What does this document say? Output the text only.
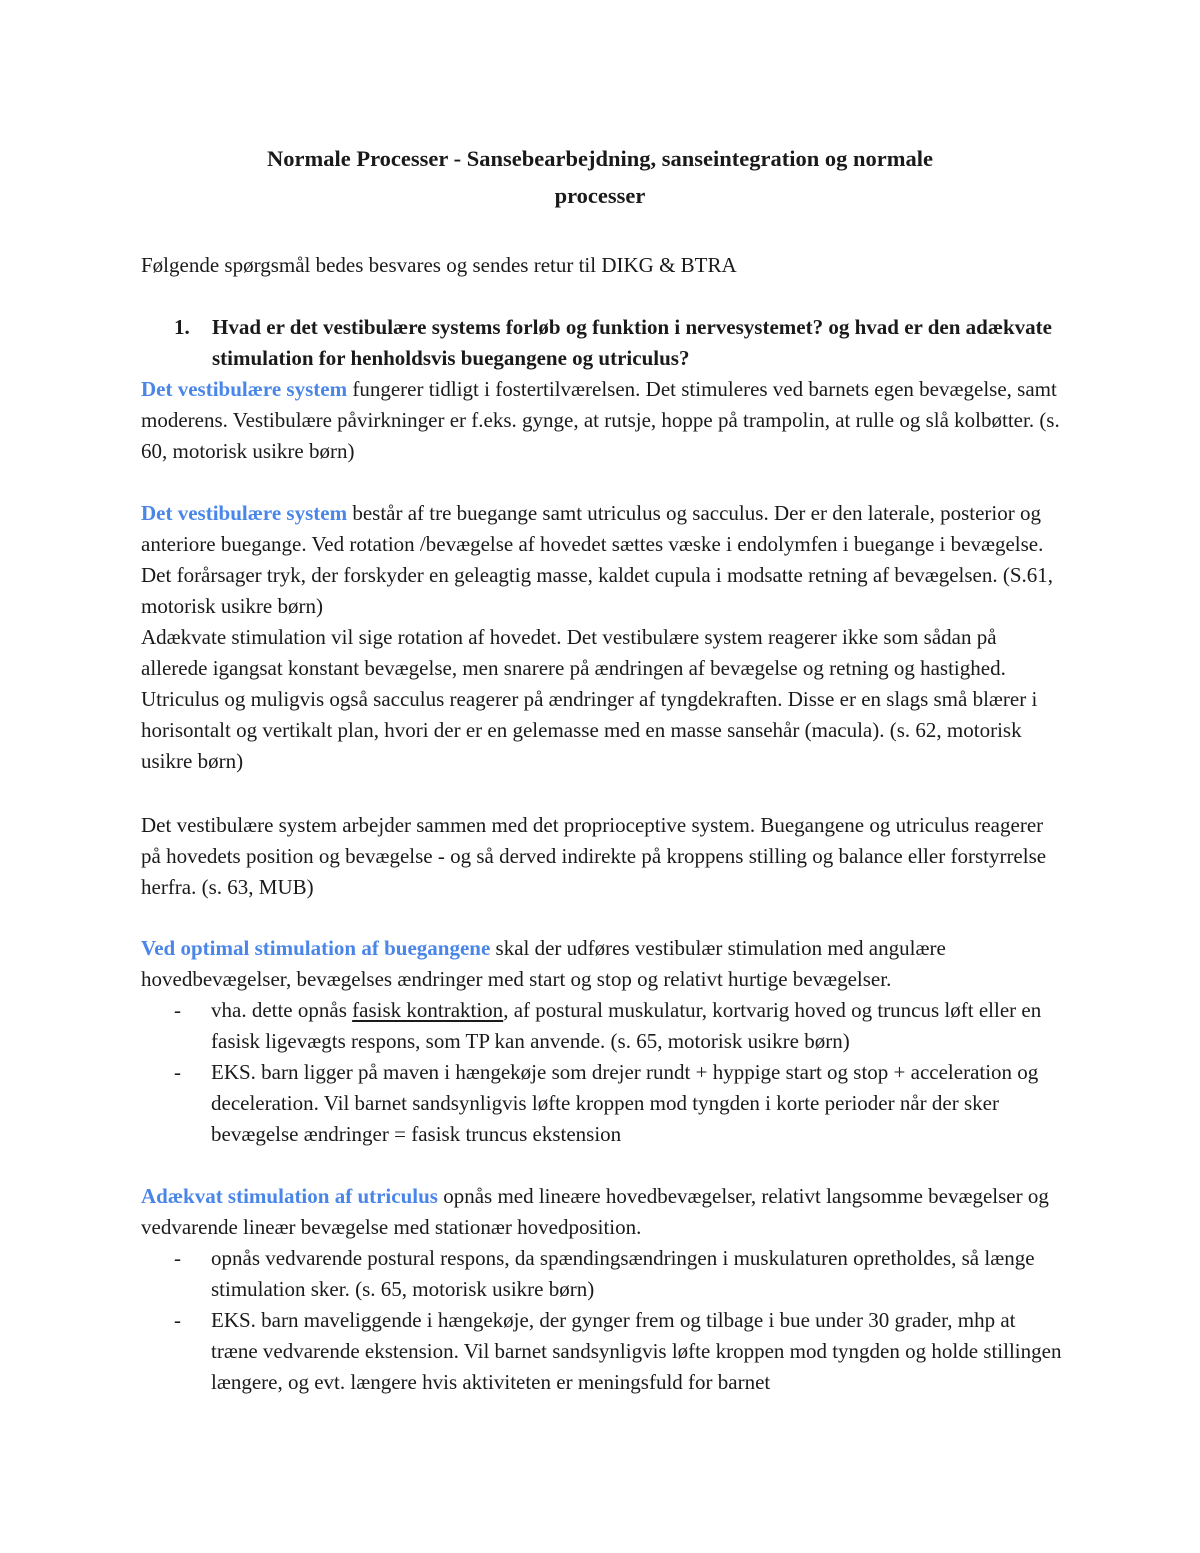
Normale Processer - Sansebearbejdning, sanseintegration og normale
processer

Følgende spørgsmål bedes besvares og sendes retur til DIKG & BTRA

1.	Hvad er det vestibulære systems forløb og funktion i nervesystemet? og hvad er den adækvate stimulation for henholdsvis buegangene og utriculus?

Det vestibulære system fungerer tidligt i fostertilværelsen. Det stimuleres ved barnets egen bevægelse, samt moderens. Vestibulære påvirkninger er f.eks. gynge, at rutsje, hoppe på trampolin, at rulle og slå kolbøtter. (s. 60, motorisk usikre børn)

Det vestibulære system består af tre buegange samt utriculus og sacculus. Der er den laterale, posterior og anteriore buegange. Ved rotation /bevægelse af hovedet sættes væske i endolymfen i buegange i bevægelse. Det forårsager tryk, der forskyder en geleagtig masse, kaldet cupula i modsatte retning af bevægelsen. (S.61, motorisk usikre børn)

Adækvate stimulation vil sige rotation af hovedet. Det vestibulære system reagerer ikke som sådan på allerede igangsat konstant bevægelse, men snarere på ændringen af bevægelse og retning og hastighed. Utriculus og muligvis også sacculus reagerer på ændringer af tyngdekraften. Disse er en slags små blærer i horisontalt og vertikalt plan, hvori der er en gelemasse med en masse sansehår (macula). (s. 62, motorisk usikre børn)

Det vestibulære system arbejder sammen med det proprioceptive system. Buegangene og utriculus reagerer på hovedets position og bevægelse - og så derved indirekte på kroppens stilling og balance eller forstyrrelse herfra. (s. 63, MUB)

Ved optimal stimulation af buegangene skal der udføres vestibulær stimulation med angulære hovedbevægelser, bevægelses ændringer med start og stop og relativt hurtige bevægelser.

-	vha. dette opnås fasisk kontraktion, af postural muskulatur, kortvarig hoved og truncus løft eller en fasisk ligevægts respons, som TP kan anvende. (s. 65, motorisk usikre børn)
-	EKS. barn ligger på maven i hængekøje som drejer rundt + hyppige start og stop + acceleration og deceleration. Vil barnet sandsynligvis løfte kroppen mod tyngden i korte perioder når der sker bevægelse ændringer = fasisk truncus ekstension

Adækvat stimulation af utriculus opnås med lineære hovedbevægelser, relativt langsomme bevægelser og vedvarende lineær bevægelse med stationær hovedposition.

-	opnås vedvarende postural respons, da spændingsændringen i muskulaturen opretholdes, så længe stimulation sker. (s. 65, motorisk usikre børn)
-	EKS. barn maveliggende i hængekøje, der gynger frem og tilbage i bue under 30 grader, mhp at træne vedvarende ekstension. Vil barnet sandsynligvis løfte kroppen mod tyngden og holde stillingen længere, og evt. længere hvis aktiviteten er meningsfuld for barnet
